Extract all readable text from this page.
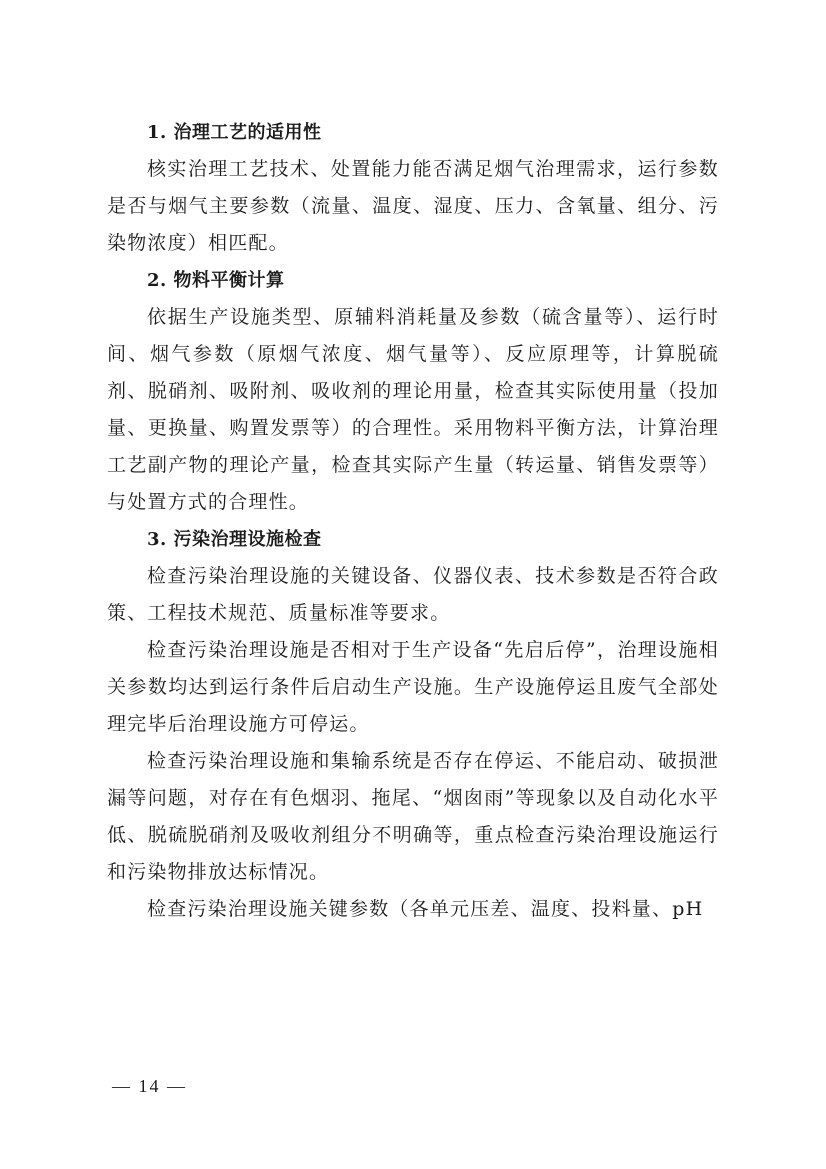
1. 治理工艺的适用性

核实治理工艺技术、处置能力能否满足烟气治理需求，运行参数是否与烟气主要参数（流量、温度、湿度、压力、含氧量、组分、污染物浓度）相匹配。

2. 物料平衡计算

依据生产设施类型、原辅料消耗量及参数（硫含量等）、运行时间、烟气参数（原烟气浓度、烟气量等）、反应原理等，计算脱硫剂、脱硝剂、吸附剂、吸收剂的理论用量，检查其实际使用量（投加量、更换量、购置发票等）的合理性。采用物料平衡方法，计算治理工艺副产物的理论产量，检查其实际产生量（转运量、销售发票等）与处置方式的合理性。

3. 污染治理设施检查

检查污染治理设施的关键设备、仪器仪表、技术参数是否符合政策、工程技术规范、质量标准等要求。

检查污染治理设施是否相对于生产设备“先启后停”，治理设施相关参数均达到运行条件后启动生产设施。生产设施停运且废气全部处理完毕后治理设施方可停运。

检查污染治理设施和集输系统是否存在停运、不能启动、破损泄漏等问题，对存在有色烟羽、拖尾、“烟囱雨”等现象以及自动化水平低、脱硫脱硝剂及吸收剂组分不明确等，重点检查污染治理设施运行和污染物排放达标情况。

检查污染治理设施关键参数（各单元压差、温度、投料量、pH

— 14 —
